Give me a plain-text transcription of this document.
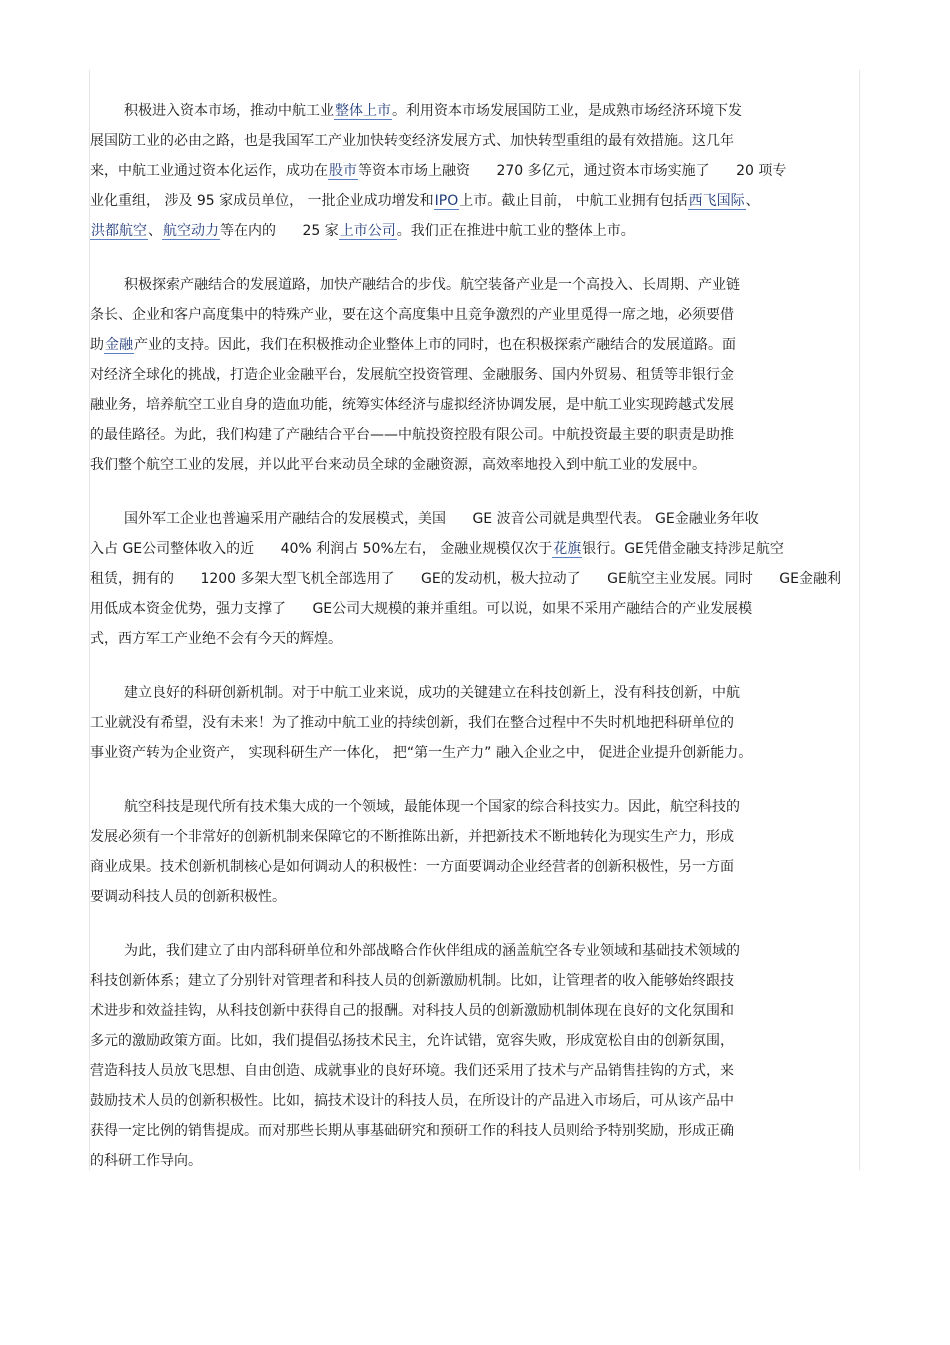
积极进入资本市场，推动中航工业整体上市。利用资本市场发展国防工业，是成熟市场经济环境下发
展国防工业的必由之路，也是我国军工产业加快转变经济发展方式、加快转型重组的最有效措施。这几年
来，中航工业通过资本化运作，成功在股市等资本市场上融资 270 多亿元，通过资本市场实施了 20 项专
业化重组， 涉及 95 家成员单位， 一批企业成功增发和IPO上市。截止目前， 中航工业拥有包括西飞国际、
洪都航空、航空动力等在内的 25 家上市公司。我们正在推进中航工业的整体上市。
积极探索产融结合的发展道路，加快产融结合的步伐。航空装备产业是一个高投入、长周期、产业链
条长、企业和客户高度集中的特殊产业，要在这个高度集中且竞争激烈的产业里觅得一席之地，必须要借
助金融产业的支持。因此，我们在积极推动企业整体上市的同时，也在积极探索产融结合的发展道路。面
对经济全球化的挑战，打造企业金融平台，发展航空投资管理、金融服务、国内外贸易、租赁等非银行金
融业务，培养航空工业自身的造血功能，统筹实体经济与虚拟经济协调发展，是中航工业实现跨越式发展
的最佳路径。为此，我们构建了产融结合平台——中航投资控股有限公司。中航投资最主要的职责是助推
我们整个航空工业的发展，并以此平台来动员全球的金融资源，高效率地投入到中航工业的发展中。
国外军工企业也普遍采用产融结合的发展模式，美国 GE 波音公司就是典型代表。 GE金融业务年收
入占 GE公司整体收入的近 40% 利润占 50%左右， 金融业规模仅次于花旗银行。GE凭借金融支持涉足航空
租赁，拥有的 1200 多架大型飞机全部选用了 GE的发动机，极大拉动了 GE航空主业发展。同时 GE金融利
用低成本资金优势，强力支撑了 GE公司大规模的兼并重组。可以说，如果不采用产融结合的产业发展模
式，西方军工产业绝不会有今天的辉煌。
建立良好的科研创新机制。对于中航工业来说，成功的关键建立在科技创新上，没有科技创新，中航
工业就没有希望，没有未来！为了推动中航工业的持续创新，我们在整合过程中不失时机地把科研单位的
事业资产转为企业资产， 实现科研生产一体化， 把“第一生产力” 融入企业之中， 促进企业提升创新能力。
航空科技是现代所有技术集大成的一个领域，最能体现一个国家的综合科技实力。因此，航空科技的
发展必须有一个非常好的创新机制来保障它的不断推陈出新，并把新技术不断地转化为现实生产力，形成
商业成果。技术创新机制核心是如何调动人的积极性：一方面要调动企业经营者的创新积极性，另一方面
要调动科技人员的创新积极性。
为此，我们建立了由内部科研单位和外部战略合作伙伴组成的涵盖航空各专业领域和基础技术领域的
科技创新体系；建立了分别针对管理者和科技人员的创新激励机制。比如，让管理者的收入能够始终跟技
术进步和效益挂钩，从科技创新中获得自己的报酬。对科技人员的创新激励机制体现在良好的文化氛围和
多元的激励政策方面。比如，我们提倡弘扬技术民主，允许试错，宽容失败，形成宽松自由的创新氛围，
营造科技人员放飞思想、自由创造、成就事业的良好环境。我们还采用了技术与产品销售挂钩的方式，来
鼓励技术人员的创新积极性。比如，搞技术设计的科技人员，在所设计的产品进入市场后，可从该产品中
获得一定比例的销售提成。而对那些长期从事基础研究和预研工作的科技人员则给予特别奖励，形成正确
的科研工作导向。
